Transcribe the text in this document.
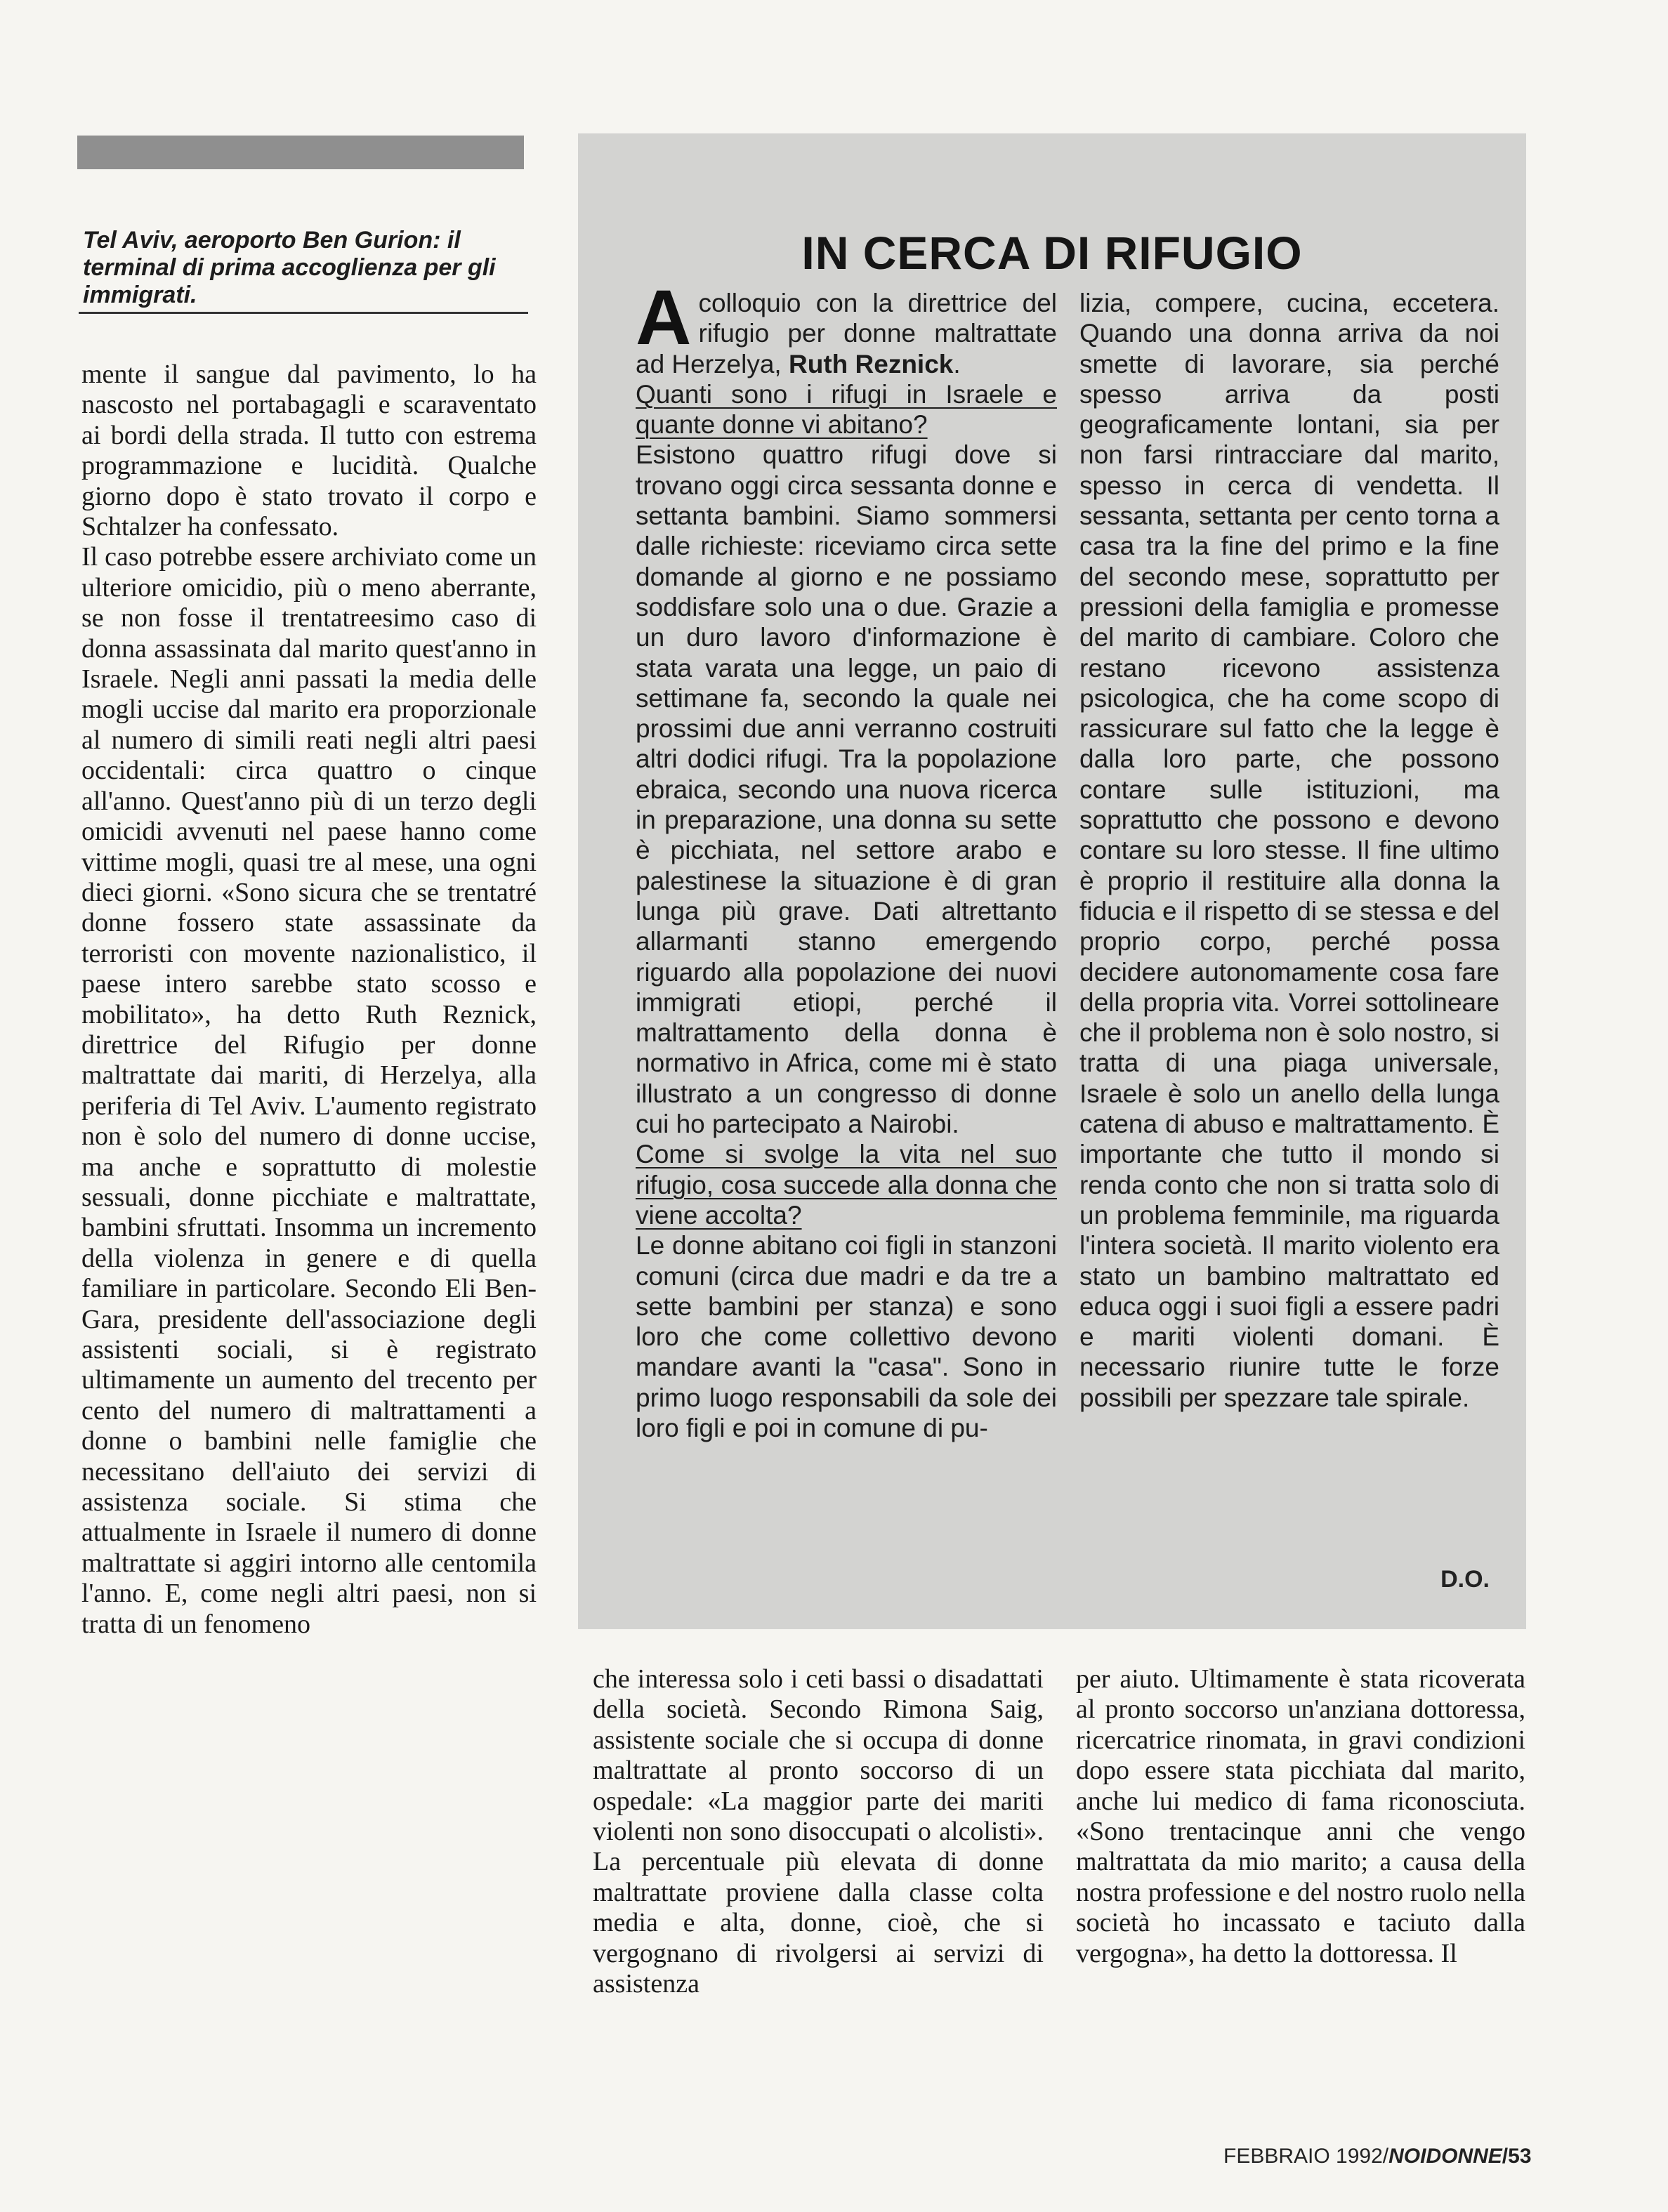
Tel Aviv, aeroporto Ben Gurion: il terminal di prima accoglienza per gli immigrati.

mente il sangue dal pavimento, lo ha nascosto nel portabagagli e scaraventato ai bordi della strada. Il tutto con estrema programmazione e lucidità. Qualche giorno dopo è stato trovato il corpo e Schtalzer ha confessato.

Il caso potrebbe essere archiviato come un ulteriore omicidio, più o meno aberrante, se non fosse il trentatreesimo caso di donna assassinata dal marito quest'anno in Israele. Negli anni passati la media delle mogli uccise dal marito era proporzionale al numero di simili reati negli altri paesi occidentali: circa quattro o cinque all'anno. Quest'anno più di un terzo degli omicidi avvenuti nel paese hanno come vittime mogli, quasi tre al mese, una ogni dieci giorni. «Sono sicura che se trentatré donne fossero state assassinate da terroristi con movente nazionalistico, il paese intero sarebbe stato scosso e mobilitato», ha detto Ruth Reznick, direttrice del Rifugio per donne maltrattate dai mariti, di Herzelya, alla periferia di Tel Aviv. L'aumento registrato non è solo del numero di donne uccise, ma anche e soprattutto di molestie sessuali, donne picchiate e maltrattate, bambini sfruttati. Insomma un incremento della violenza in genere e di quella familiare in particolare. Secondo Eli Ben-Gara, presidente dell'associazione degli assistenti sociali, si è registrato ultimamente un aumento del trecento per cento del numero di maltrattamenti a donne o bambini nelle famiglie che necessitano dell'aiuto dei servizi di assistenza sociale. Si stima che attualmente in Israele il numero di donne maltrattate si aggiri intorno alle centomila l'anno. E, come negli altri paesi, non si tratta di un fenomeno

IN CERCA DI RIFUGIO

Acolloquio con la direttrice del rifugio per donne maltrattate ad Herzelya, Ruth Reznick.

Quanti sono i rifugi in Israele e quante donne vi abitano?

Esistono quattro rifugi dove si trovano oggi circa sessanta donne e settanta bambini. Siamo sommersi dalle richieste: riceviamo circa sette domande al giorno e ne possiamo soddisfare solo una o due. Grazie a un duro lavoro d'informazione è stata varata una legge, un paio di settimane fa, secondo la quale nei prossimi due anni verranno costruiti altri dodici rifugi. Tra la popolazione ebraica, secondo una nuova ricerca in preparazione, una donna su sette è picchiata, nel settore arabo e palestinese la situazione è di gran lunga più grave. Dati altrettanto allarmanti stanno emergendo riguardo alla popolazione dei nuovi immigrati etiopi, perché il maltrattamento della donna è normativo in Africa, come mi è stato illustrato a un congresso di donne cui ho partecipato a Nairobi.

Come si svolge la vita nel suo rifugio, cosa succede alla donna che viene accolta?

Le donne abitano coi figli in stanzoni comuni (circa due madri e da tre a sette bambini per stanza) e sono loro che come collettivo devono mandare avanti la "casa". Sono in primo luogo responsabili da sole dei loro figli e poi in comune di pu-

lizia, compere, cucina, eccetera. Quando una donna arriva da noi smette di lavorare, sia perché spesso arriva da posti geograficamente lontani, sia per non farsi rintracciare dal marito, spesso in cerca di vendetta. Il sessanta, settanta per cento torna a casa tra la fine del primo e la fine del secondo mese, soprattutto per pressioni della famiglia e promesse del marito di cambiare. Coloro che restano ricevono assistenza psicologica, che ha come scopo di rassicurare sul fatto che la legge è dalla loro parte, che possono contare sulle istituzioni, ma soprattutto che possono e devono contare su loro stesse. Il fine ultimo è proprio il restituire alla donna la fiducia e il rispetto di se stessa e del proprio corpo, perché possa decidere autonomamente cosa fare della propria vita. Vorrei sottolineare che il problema non è solo nostro, si tratta di una piaga universale, Israele è solo un anello della lunga catena di abuso e maltrattamento. È importante che tutto il mondo si renda conto che non si tratta solo di un problema femminile, ma riguarda l'intera società. Il marito violento era stato un bambino maltrattato ed educa oggi i suoi figli a essere padri e mariti violenti domani. È necessario riunire tutte le forze possibili per spezzare tale spirale.

D.O.

che interessa solo i ceti bassi o disadattati della società. Secondo Rimona Saig, assistente sociale che si occupa di donne maltrattate al pronto soccorso di un ospedale: «La maggior parte dei mariti violenti non sono disoccupati o alcolisti». La percentuale più elevata di donne maltrattate proviene dalla classe colta media e alta, donne, cioè, che si vergognano di rivolgersi ai servizi di assistenza

per aiuto. Ultimamente è stata ricoverata al pronto soccorso un'anziana dottoressa, ricercatrice rinomata, in gravi condizioni dopo essere stata picchiata dal marito, anche lui medico di fama riconosciuta. «Sono trentacinque anni che vengo maltrattata da mio marito; a causa della nostra professione e del nostro ruolo nella società ho incassato e taciuto dalla vergogna», ha detto la dottoressa. Il

FEBBRAIO 1992/NOIDONNE/53
